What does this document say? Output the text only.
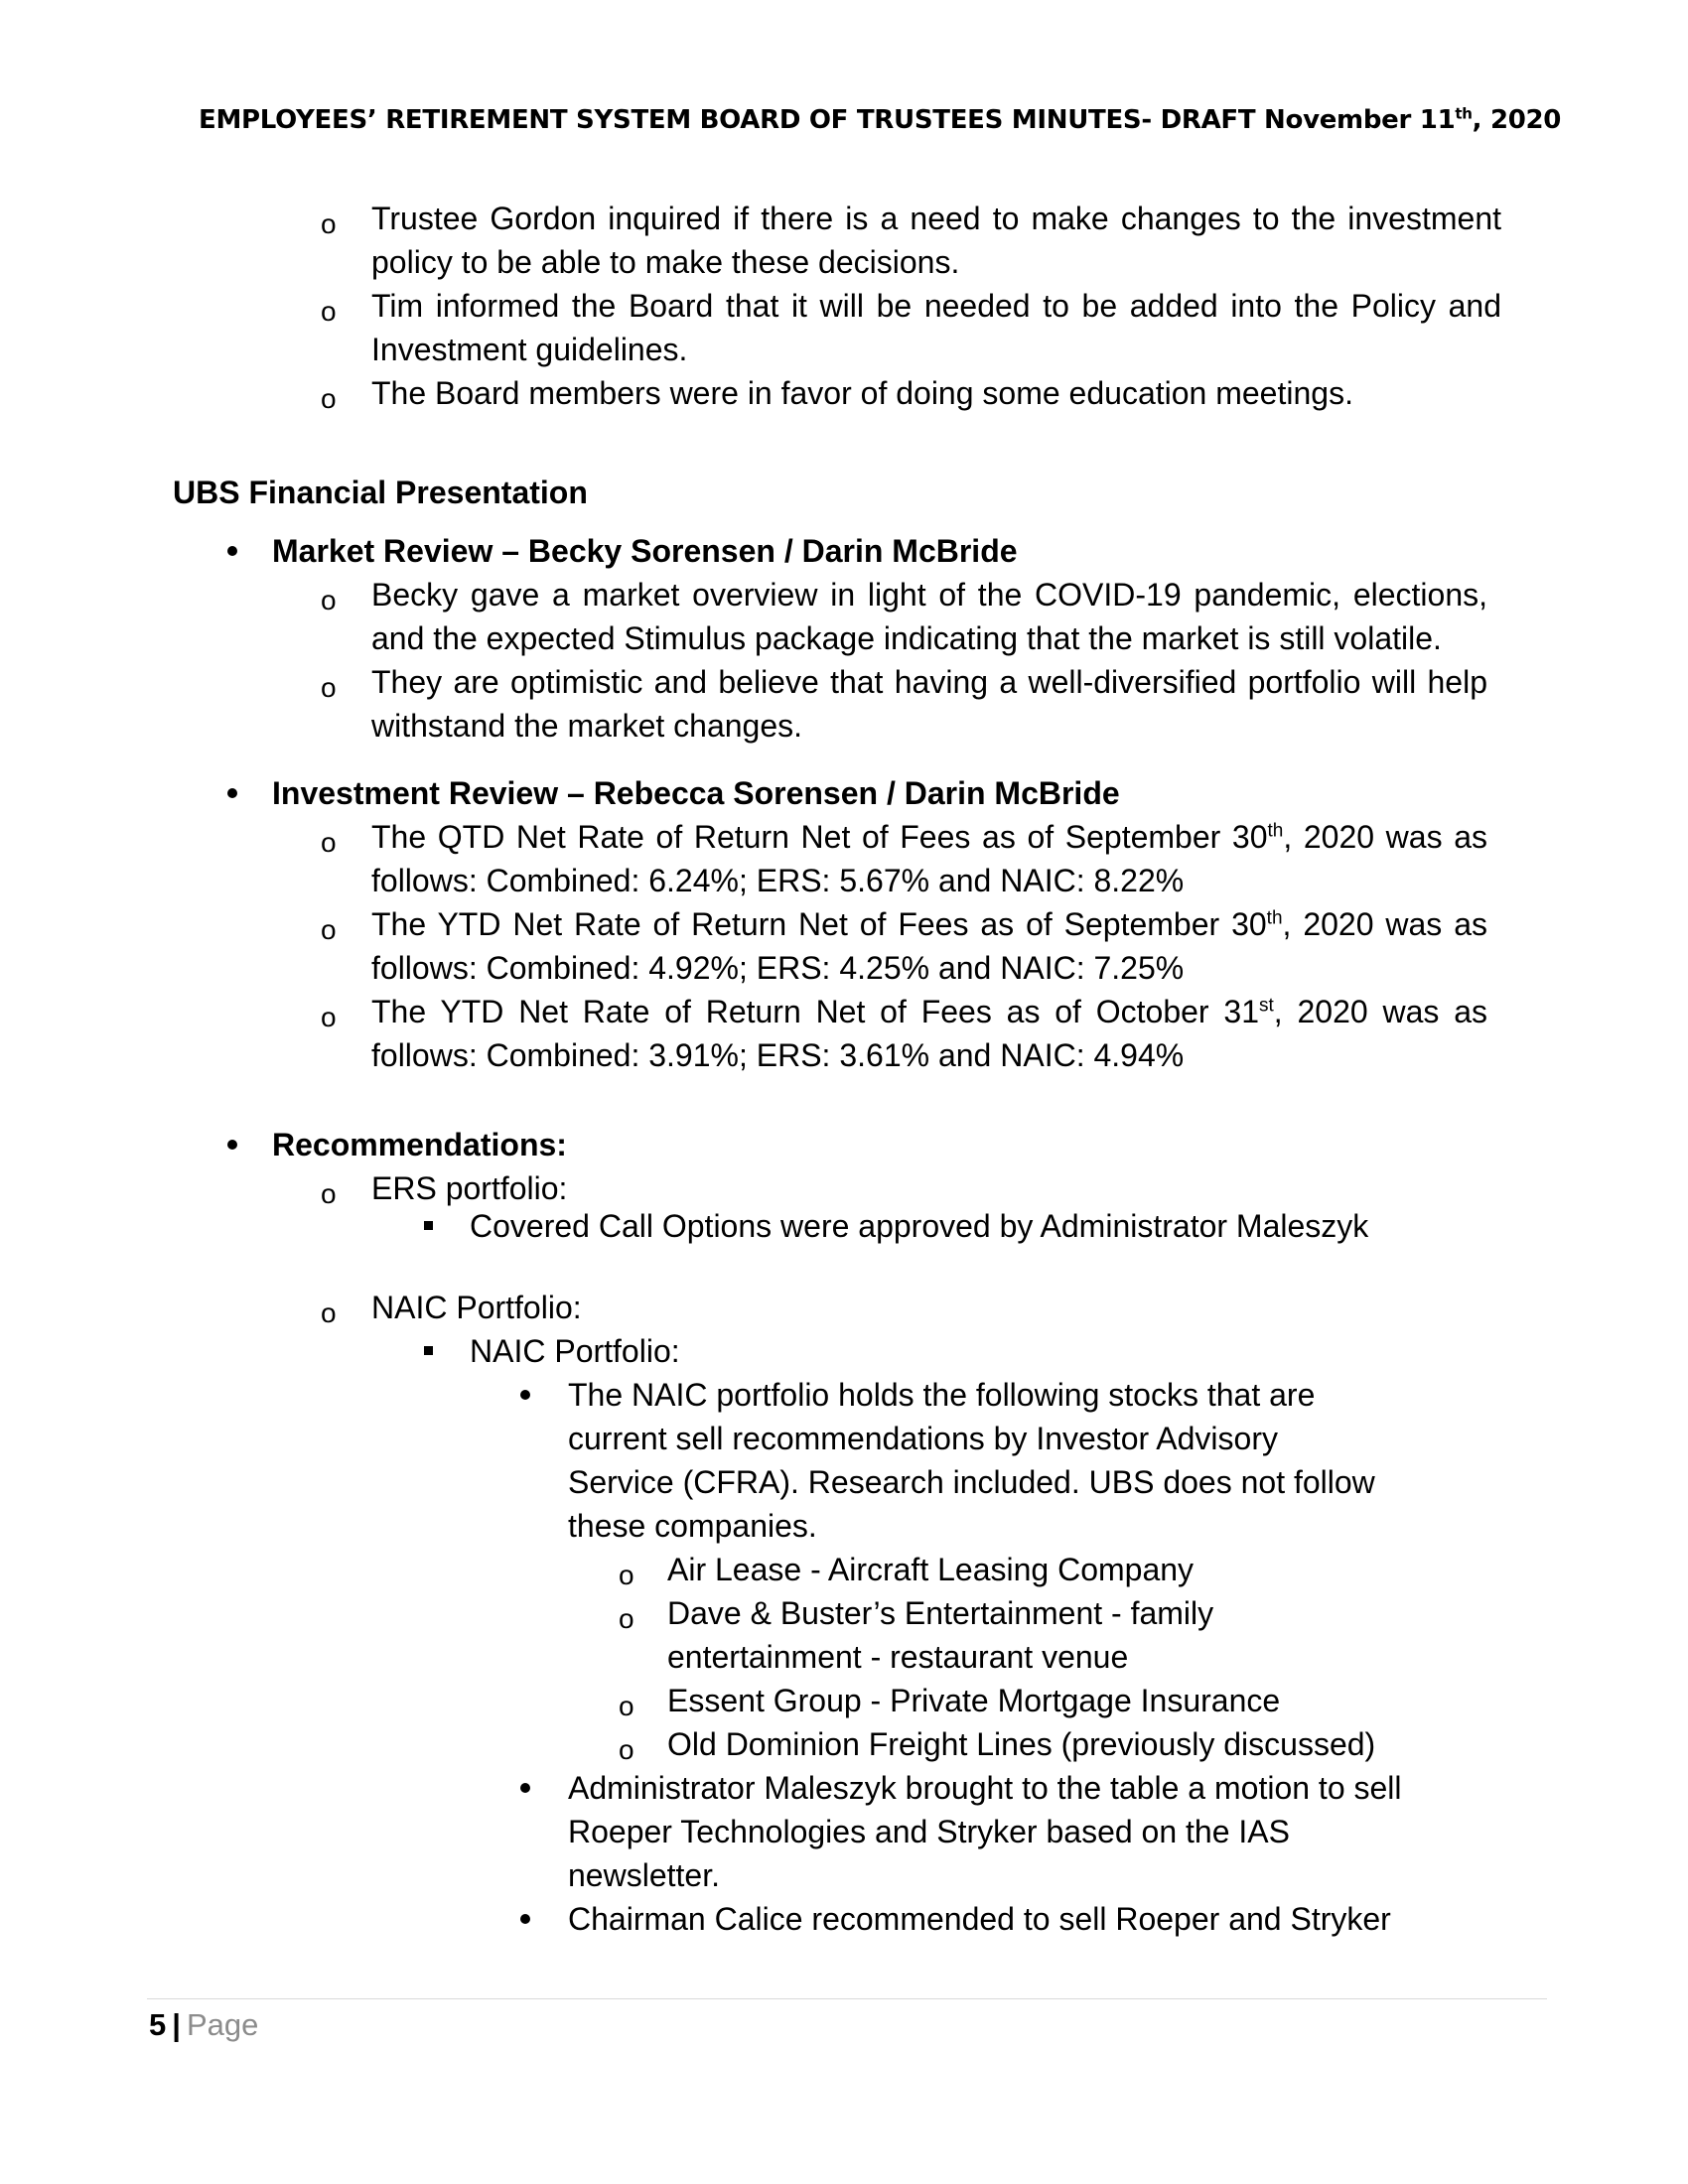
EMPLOYEES’ RETIREMENT SYSTEM BOARD OF TRUSTEES MINUTES- DRAFT November 11th, 2020
o Trustee Gordon inquired if there is a need to make changes to the investment policy to be able to make these decisions.
o Tim informed the Board that it will be needed to be added into the Policy and Investment guidelines.
o The Board members were in favor of doing some education meetings.
UBS Financial Presentation
Market Review – Becky Sorensen / Darin McBride
o Becky gave a market overview in light of the COVID-19 pandemic, elections, and the expected Stimulus package indicating that the market is still volatile.
o They are optimistic and believe that having a well-diversified portfolio will help withstand the market changes.
Investment Review – Rebecca Sorensen / Darin McBride
o The QTD Net Rate of Return Net of Fees as of September 30th, 2020 was as follows: Combined: 6.24%; ERS: 5.67% and NAIC: 8.22%
o The YTD Net Rate of Return Net of Fees as of September 30th, 2020 was as follows: Combined: 4.92%; ERS: 4.25% and NAIC: 7.25%
o The YTD Net Rate of Return Net of Fees as of October 31st, 2020 was as follows: Combined: 3.91%; ERS: 3.61% and NAIC: 4.94%
Recommendations:
o ERS portfolio:
Covered Call Options were approved by Administrator Maleszyk
o NAIC Portfolio:
NAIC Portfolio:
The NAIC portfolio holds the following stocks that are current sell recommendations by Investor Advisory Service (CFRA). Research included. UBS does not follow these companies.
o Air Lease - Aircraft Leasing Company
o Dave & Buster’s Entertainment - family entertainment - restaurant venue
o Essent Group - Private Mortgage Insurance
o Old Dominion Freight Lines (previously discussed)
Administrator Maleszyk brought to the table a motion to sell Roeper Technologies and Stryker based on the IAS newsletter.
Chairman Calice recommended to sell Roeper and Stryker
5 | Page
